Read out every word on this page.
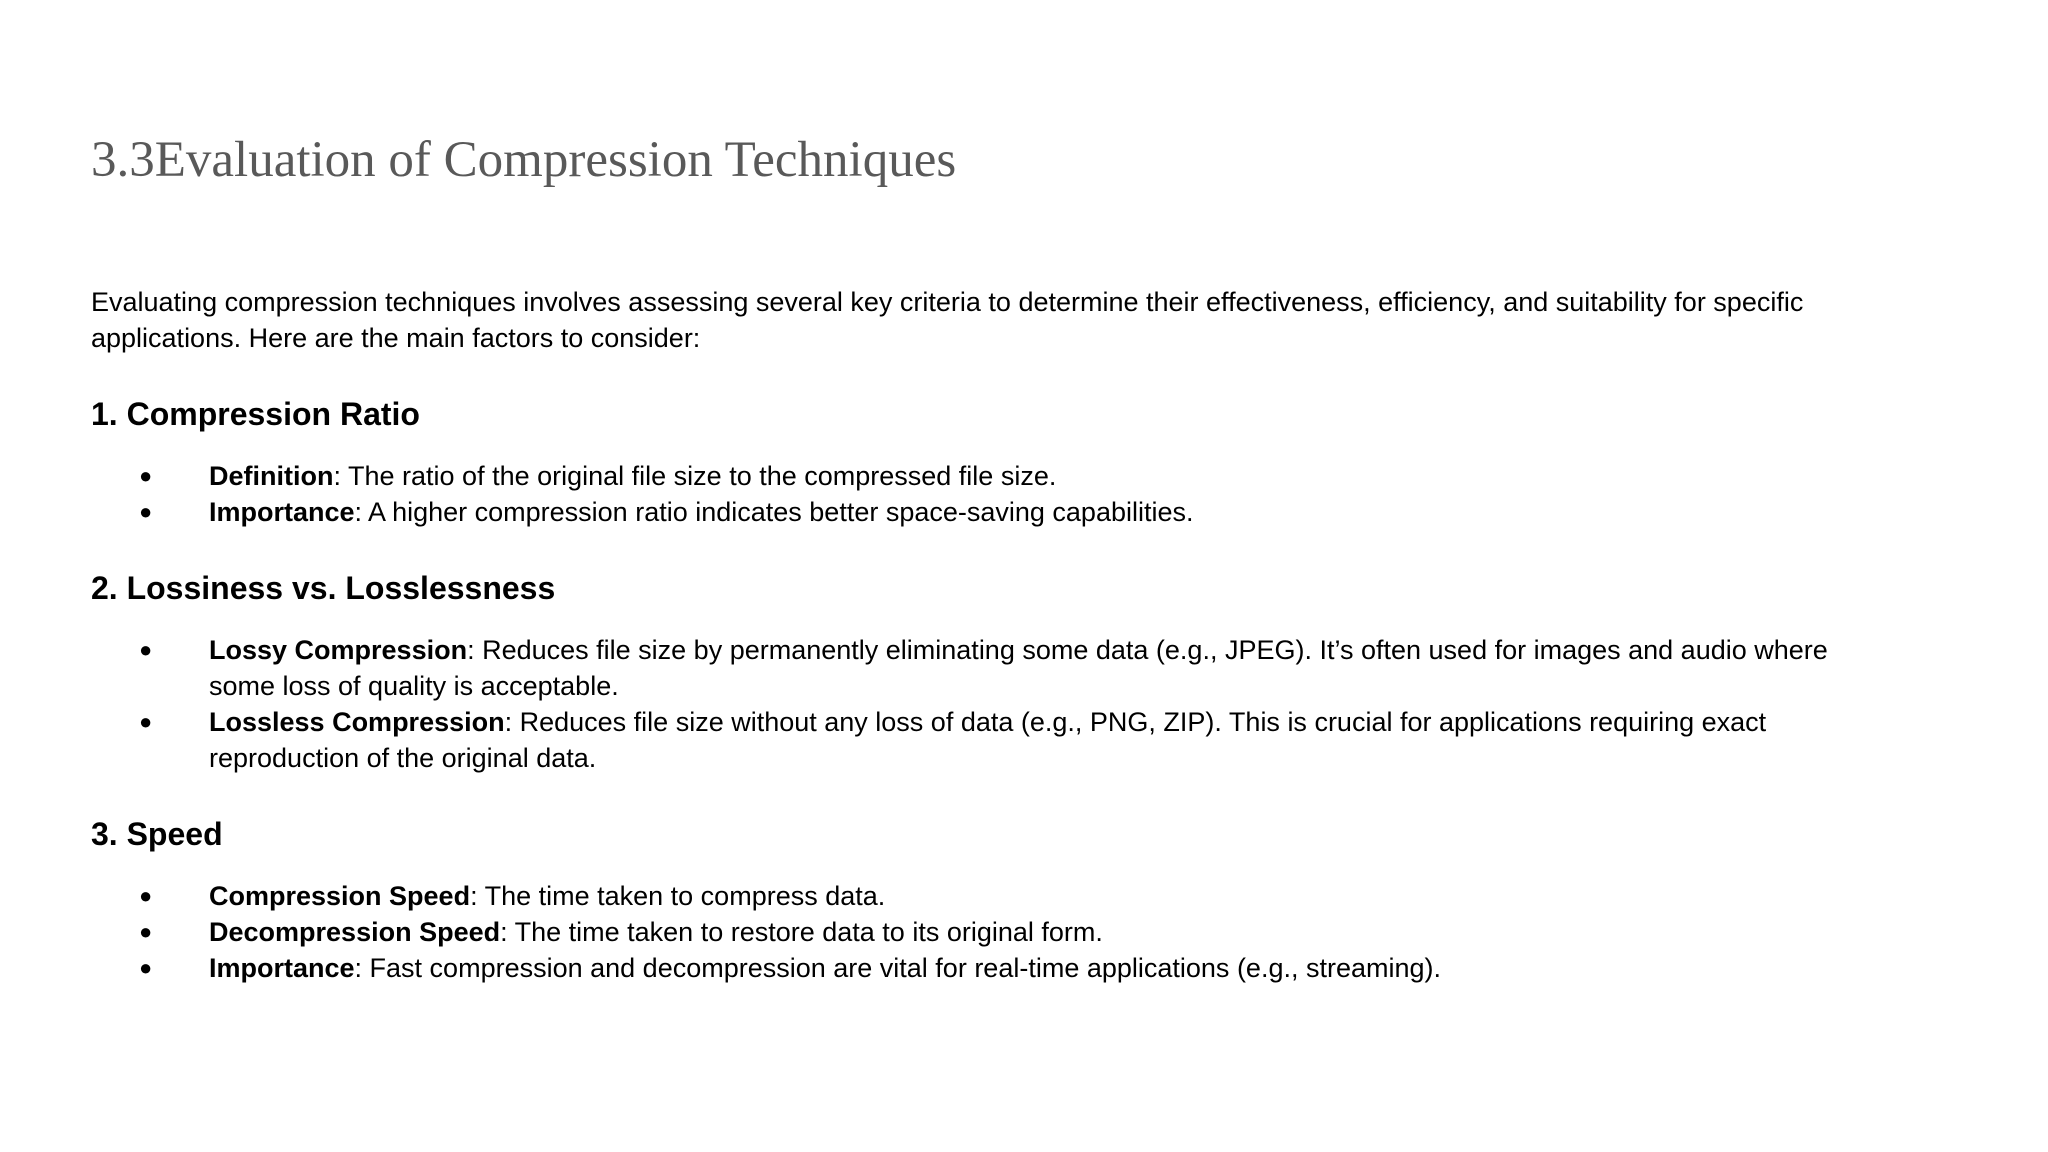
3.3Evaluation of Compression Techniques

Evaluating compression techniques involves assessing several key criteria to determine their effectiveness, efficiency, and suitability for specific applications. Here are the main factors to consider:

1. Compression Ratio
● Definition: The ratio of the original file size to the compressed file size.
● Importance: A higher compression ratio indicates better space-saving capabilities.
2. Lossiness vs. Losslessness
● Lossy Compression: Reduces file size by permanently eliminating some data (e.g., JPEG). It’s often used for images and audio where some loss of quality is acceptable.
● Lossless Compression: Reduces file size without any loss of data (e.g., PNG, ZIP). This is crucial for applications requiring exact reproduction of the original data.
3. Speed
● Compression Speed: The time taken to compress data.
● Decompression Speed: The time taken to restore data to its original form.
● Importance: Fast compression and decompression are vital for real-time applications (e.g., streaming).
